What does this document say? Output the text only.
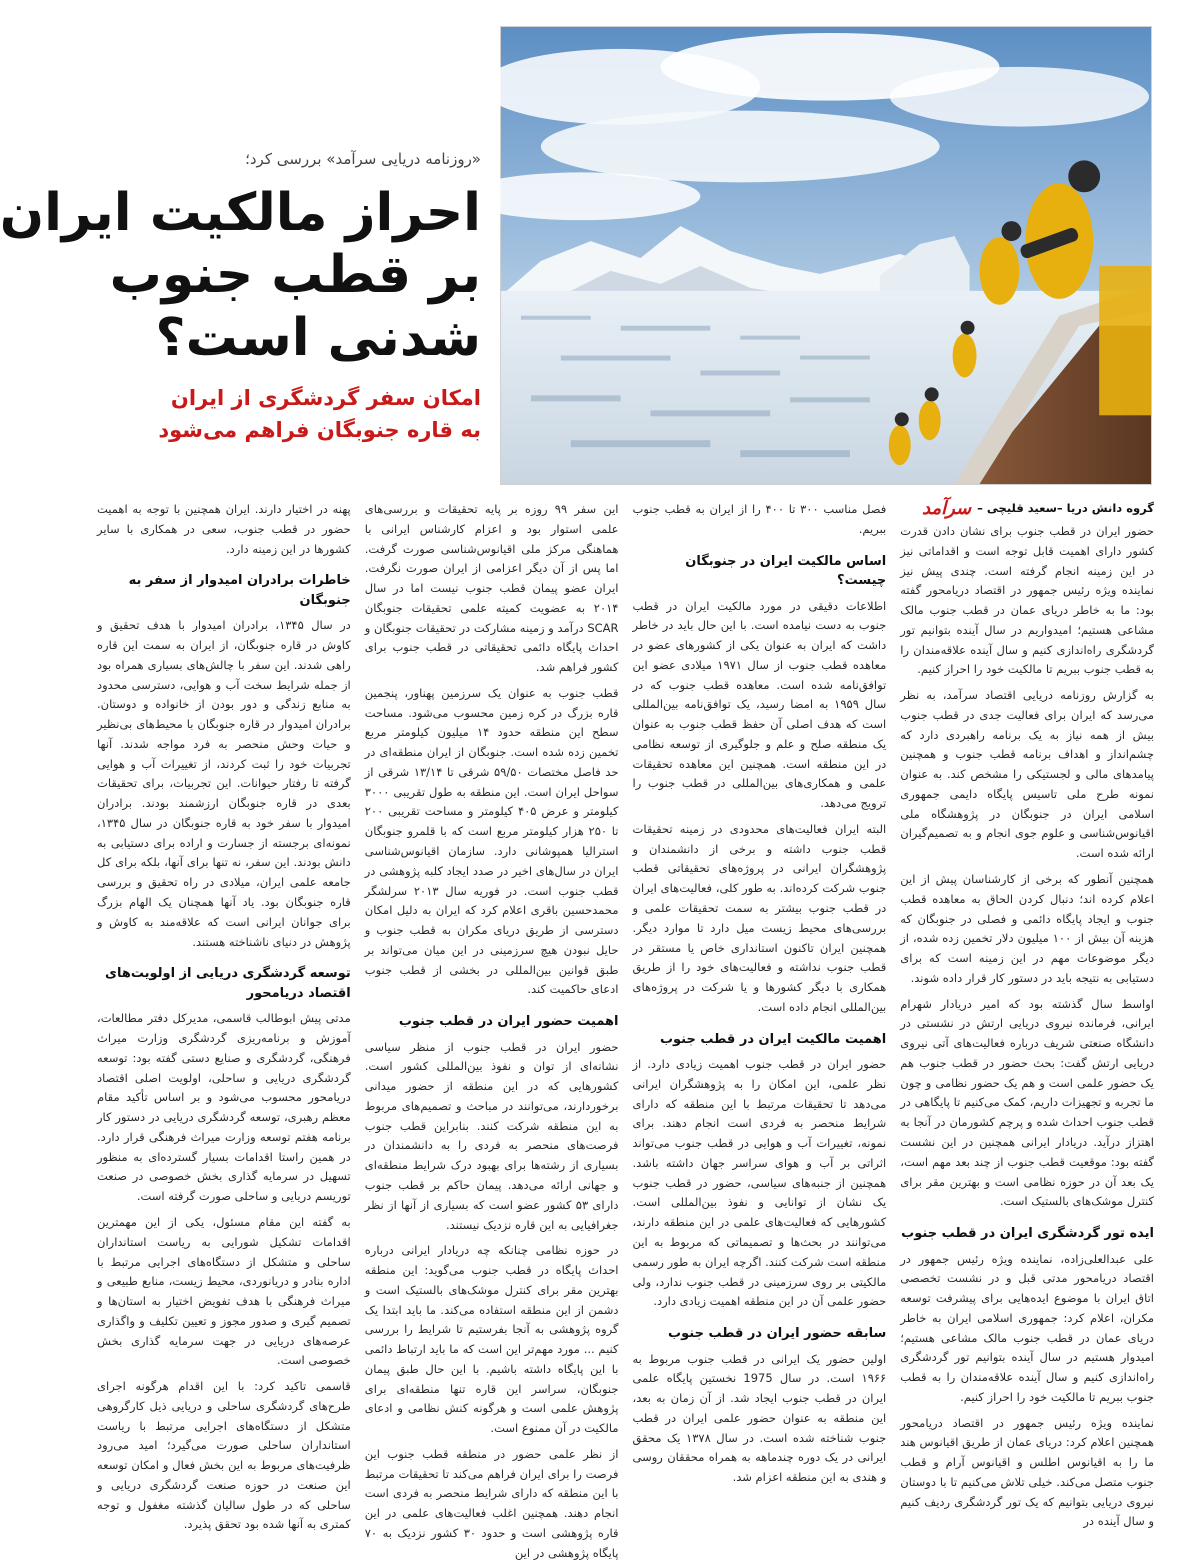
«روزنامه دریایی سرآمد» بررسی کرد؛
احراز مالکیت ایران
بر قطب جنوب
شدنی است؟
امکان سفر گردشگری از ایران
به قاره جنوبگان فراهم می‌شود
گروه دانش دریا –سعید قلیچی –
سرآمد

حضور ایران در قطب جنوب برای نشان دادن قدرت کشور دارای اهمیت قابل توجه است و اقداماتی نیز در این زمینه انجام گرفته است. چندی پیش نیز نماینده ویژه رئیس جمهور در اقتصاد دریامحور گفته بود: ما به خاطر دریای عمان در قطب جنوب مالک مشاعی هستیم؛ امیدواریم در سال آینده بتوانیم تور گردشگری راه‌اندازی کنیم و سال آینده علاقه‌مندان را به قطب جنوب ببریم تا مالکیت خود را احراز کنیم.

به گزارش روزنامه دریایی اقتصاد سرآمد، به نظر می‌رسد که ایران برای فعالیت جدی در قطب جنوب بیش از همه نیاز به یک برنامه راهبردی دارد که چشم‌انداز و اهداف برنامه قطب جنوب و همچنین پیامدهای مالی و لجستیکی را مشخص کند. به عنوان نمونه طرح ملی تاسیس پایگاه دایمی جمهوری اسلامی ایران در جنوبگان در پژوهشگاه ملی اقیانوس‌شناسی و علوم جوی انجام و به تصمیم‌گیران ارائه شده است.

همچنین آنطور که برخی از کارشناسان پیش از این اعلام کرده اند؛ دنبال کردن الحاق به معاهده قطب جنوب و ایجاد پایگاه دائمی و فصلی در جنوبگان که هزینه آن بیش از ۱۰۰ میلیون دلار تخمین زده شده، از دیگر موضوعات مهم در این زمینه است که برای دستیابی به نتیجه باید در دستور کار قرار داده شوند.

اواسط سال گذشته بود که امیر دریادار شهرام ایرانی، فرمانده نیروی دریایی ارتش در نشستی در دانشگاه صنعتی شریف درباره فعالیت‌های آتی نیروی دریایی ارتش گفت: بحث حضور در قطب جنوب هم یک حضور علمی است و هم یک حضور نظامی و چون ما تجربه و تجهیزات داریم، کمک می‌کنیم تا پایگاهی در قطب جنوب احداث شده و پرچم کشورمان در آنجا به اهتزاز درآید. دریادار ایرانی همچنین در این نشست گفته بود: موقعیت قطب جنوب از چند بعد مهم است، یک بعد آن در حوزه نظامی است و بهترین مقر برای کنترل موشک‌های بالستیک است.

ایده تور گردشگری ایران در قطب جنوب

علی عبدالعلی‌زاده، نماینده ویژه رئیس جمهور در اقتصاد دریامحور مدتی قبل و در نشست تخصصی اتاق ایران با موضوع ایده‌هایی برای پیشرفت توسعه مکران، اعلام کرد: جمهوری اسلامی ایران به خاطر دریای عمان در قطب جنوب مالک مشاعی هستیم؛ امیدوار هستیم در سال آینده بتوانیم تور گردشگری راه‌اندازی کنیم و سال آینده علاقه‌مندان را به قطب جنوب ببریم تا مالکیت خود را احراز کنیم.

نماینده ویژه رئیس جمهور در اقتصاد دریامحور همچنین اعلام کرد: دریای عمان از طریق اقیانوس هند ما را به اقیانوس اطلس و اقیانوس آرام و قطب جنوب متصل می‌کند. خیلی تلاش می‌کنیم تا با دوستان نیروی دریایی بتوانیم که یک تور گردشگری ردیف کنیم و سال آینده در

فصل مناسب ۳۰۰ تا ۴۰۰ را از ایران به قطب جنوب ببریم.

اساس مالکیت ایران در جنوبگان چیست؟

اطلاعات دقیقی در مورد مالکیت ایران در قطب جنوب به دست نیامده است. با این حال باید در خاطر داشت که ایران به عنوان یکی از کشورهای عضو در معاهده قطب جنوب از سال ۱۹۷۱ میلادی عضو این توافق‌نامه شده است. معاهده قطب جنوب که در سال ۱۹۵۹ به امضا رسید، یک توافق‌نامه بین‌المللی است که هدف اصلی آن حفظ قطب جنوب به عنوان یک منطقه صلح و علم و جلوگیری از توسعه نظامی در این منطقه است. همچنین این معاهده تحقیقات علمی و همکاری‌های بین‌المللی در قطب جنوب را ترویج می‌دهد.

البته ایران فعالیت‌های محدودی در زمینه تحقیقات قطب جنوب داشته و برخی از دانشمندان و پژوهشگران ایرانی در پروژه‌های تحقیقاتی قطب جنوب شرکت کرده‌اند. به طور کلی، فعالیت‌های ایران در قطب جنوب بیشتر به سمت تحقیقات علمی و بررسی‌های محیط زیست میل دارد تا موارد دیگر. همچنین ایران تاکنون استانداری خاص یا مستقر در قطب جنوب نداشته و فعالیت‌های خود را از طریق همکاری با دیگر کشورها و یا شرکت در پروژه‌های بین‌المللی انجام داده است.

اهمیت مالکیت ایران در قطب جنوب

حضور ایران در قطب جنوب اهمیت زیادی دارد. از نظر علمی، این امکان را به پژوهشگران ایرانی می‌دهد تا تحقیقات مرتبط با این منطقه که دارای شرایط منحصر به فردی است انجام دهند. برای نمونه، تغییرات آب و هوایی در قطب جنوب می‌تواند اثراتی بر آب و هوای سراسر جهان داشته باشد. همچنین از جنبه‌های سیاسی، حضور در قطب جنوب یک نشان از توانایی و نفوذ بین‌المللی است. کشورهایی که فعالیت‌های علمی در این منطقه دارند، می‌توانند در بحث‌ها و تصمیماتی که مربوط به این منطقه است شرکت کنند. اگرچه ایران به طور رسمی مالکیتی بر روی سرزمینی در قطب جنوب ندارد، ولی حضور علمی آن در این منطقه اهمیت زیادی دارد.

سابقه حضور ایران در قطب جنوب

اولین حضور یک ایرانی در قطب جنوب مربوط به ۱۹۶۶ است. در سال 1975 نخستین پایگاه علمی ایران در قطب جنوب ایجاد شد. از آن زمان به بعد، این منطقه به عنوان حضور علمی ایران در قطب جنوب شناخته شده است. در سال ۱۳۷۸ یک محقق ایرانی در یک دوره چندماهه به همراه محققان روسی و هندی به این منطقه اعزام شد.

این سفر ۹۹ روزه بر پایه تحقیقات و بررسی‌های علمی استوار بود و اعزام کارشناس ایرانی با هماهنگی مرکز ملی اقیانوس‌شناسی صورت گرفت. اما پس از آن دیگر اعزامی از ایران صورت نگرفت. ایران عضو پیمان قطب جنوب نیست اما در سال ۲۰۱۴ به عضویت کمیته علمی تحقیقات جنوبگان SCAR درآمد و زمینه مشارکت در تحقیقات جنوبگان و احداث پایگاه دائمی تحقیقاتی در قطب جنوب برای کشور فراهم شد.

قطب جنوب به عنوان یک سرزمین پهناور، پنجمین قاره بزرگ در کره زمین محسوب می‌شود. مساحت سطح این منطقه حدود ۱۴ میلیون کیلومتر مربع تخمین زده شده است. جنوبگان از ایران منطقه‌ای در حد فاصل مختصات ۵۹/۵۰ شرقی تا ۱۳/۱۴ شرقی از سواحل ایران است. این منطقه به طول تقریبی ۳۰۰۰ کیلومتر و عرض ۴۰۵ کیلومتر و مساحت تقریبی ۲۰۰ تا ۲۵۰ هزار کیلومتر مربع است که با قلمرو جنوبگان استرالیا همپوشانی دارد. سازمان اقیانوس‌شناسی ایران در سال‌های اخیر در صدد ایجاد کلبه پژوهشی در قطب جنوب است. در فوریه سال ۲۰۱۳ سرلشگر محمدحسین باقری اعلام کرد که ایران به دلیل امکان دسترسی از طریق دریای مکران به قطب جنوب و حایل نبودن هیچ سرزمینی در این میان می‌تواند بر طبق قوانین بین‌المللی در بخشی از قطب جنوب ادعای حاکمیت کند.

اهمیت حضور ایران در قطب جنوب

حضور ایران در قطب جنوب از منظر سیاسی نشانه‌ای از توان و نفوذ بین‌المللی کشور است. کشورهایی که در این منطقه از حضور میدانی برخوردارند، می‌توانند در مباحث و تصمیم‌های مربوط به این منطقه شرکت کنند. بنابراین قطب جنوب فرصت‌های منحصر به فردی را به دانشمندان در بسیاری از رشته‌ها برای بهبود درک شرایط منطقه‌ای و جهانی ارائه می‌دهد. پیمان حاکم بر قطب جنوب دارای ۵۳ کشور عضو است که بسیاری از آنها از نظر جغرافیایی به این قاره نزدیک نیستند.

در حوزه نظامی چنانکه چه دریادار ایرانی درباره احداث پایگاه در قطب جنوب می‌گوید: این منطقه بهترین مقر برای کنترل موشک‌های بالستیک است و دشمن از این منطقه استفاده می‌کند. ما باید ابتدا یک گروه پژوهشی به آنجا بفرستیم تا شرایط را بررسی کنیم ... مورد مهم‌تر این است که ما باید ارتباط دائمی با این پایگاه داشته باشیم. با این حال طبق پیمان جنوبگان، سراسر این قاره تنها منطقه‌ای برای پژوهش علمی است و هرگونه کنش نظامی و ادعای مالکیت در آن ممنوع است.

از نظر علمی حضور در منطقه قطب جنوب این فرصت را برای ایران فراهم می‌کند تا تحقیقات مرتبط با این منطقه که دارای شرایط منحصر به فردی است انجام دهند. همچنین اغلب فعالیت‌های علمی در این قاره پژوهشی است و حدود ۳۰ کشور نزدیک به ۷۰ پایگاه پژوهشی در این

پهنه در اختیار دارند. ایران همچنین با توجه به اهمیت حضور در قطب جنوب، سعی در همکاری با سایر کشورها در این زمینه دارد.

خاطرات برادران امیدوار از سفر به جنوبگان

در سال ۱۳۴۵، برادران امیدوار با هدف تحقیق و کاوش در قاره جنوبگان، از ایران به سمت این قاره راهی شدند. این سفر با چالش‌های بسیاری همراه بود از جمله شرایط سخت آب و هوایی، دسترسی محدود به منابع زندگی و دور بودن از خانواده و دوستان. برادران امیدوار در قاره جنوبگان با محیط‌های بی‌نظیر و حیات وحش منحصر به فرد مواجه شدند. آنها تجربیات خود را ثبت کردند، از تغییرات آب و هوایی گرفته تا رفتار حیوانات. این تجربیات، برای تحقیقات بعدی در قاره جنوبگان ارزشمند بودند. برادران امیدوار با سفر خود به قاره جنوبگان در سال ۱۳۴۵، نمونه‌ای برجسته از جسارت و اراده برای دستیابی به دانش بودند. این سفر، نه تنها برای آنها، بلکه برای کل جامعه علمی ایران، میلادی در راه تحقیق و بررسی قاره جنوبگان بود. یاد آنها همچنان یک الهام بزرگ برای جوانان ایرانی است که علاقه‌مند به کاوش و پژوهش در دنیای ناشناخته هستند.

توسعه گردشگری دریایی از اولویت‌های اقتصاد دریامحور

مدتی پیش ابوطالب قاسمی، مدیرکل دفتر مطالعات، آموزش و برنامه‌ریزی گردشگری وزارت میراث فرهنگی، گردشگری و صنایع دستی گفته بود: توسعه گردشگری دریایی و ساحلی، اولویت اصلی اقتصاد دریامحور محسوب می‌شود و بر اساس تأکید مقام معظم رهبری، توسعه گردشگری دریایی در دستور کار برنامه هفتم توسعه وزارت میراث فرهنگی قرار دارد. در همین راستا اقدامات بسیار گسترده‌ای به منظور تسهیل در سرمایه گذاری بخش خصوصی در صنعت توریسم دریایی و ساحلی صورت گرفته است.

به گفته این مقام مسئول، یکی از این مهمترین اقدامات تشکیل شورایی به ریاست استانداران ساحلی و متشکل از دستگاه‌های اجرایی مرتبط با اداره بنادر و دریانوردی، محیط زیست، منابع طبیعی و میراث فرهنگی با هدف تفویض اختیار به استان‌ها و تصمیم گیری و صدور مجوز و تعیین تکلیف و واگذاری عرصه‌های دریایی در جهت سرمایه گذاری بخش خصوصی است.

قاسمی تاکید کرد: با این اقدام هرگونه اجرای طرح‌های گردشگری ساحلی و دریایی ذیل کارگروهی متشکل از دستگاه‌های اجرایی مرتبط با ریاست استانداران ساحلی صورت می‌گیرد؛ امید می‌رود ظرفیت‌های مربوط به این بخش فعال و امکان توسعه این صنعت در حوزه صنعت گردشگری دریایی و ساحلی که در طول سالیان گذشته مغفول و توجه کمتری به آنها شده بود تحقق پذیرد.
